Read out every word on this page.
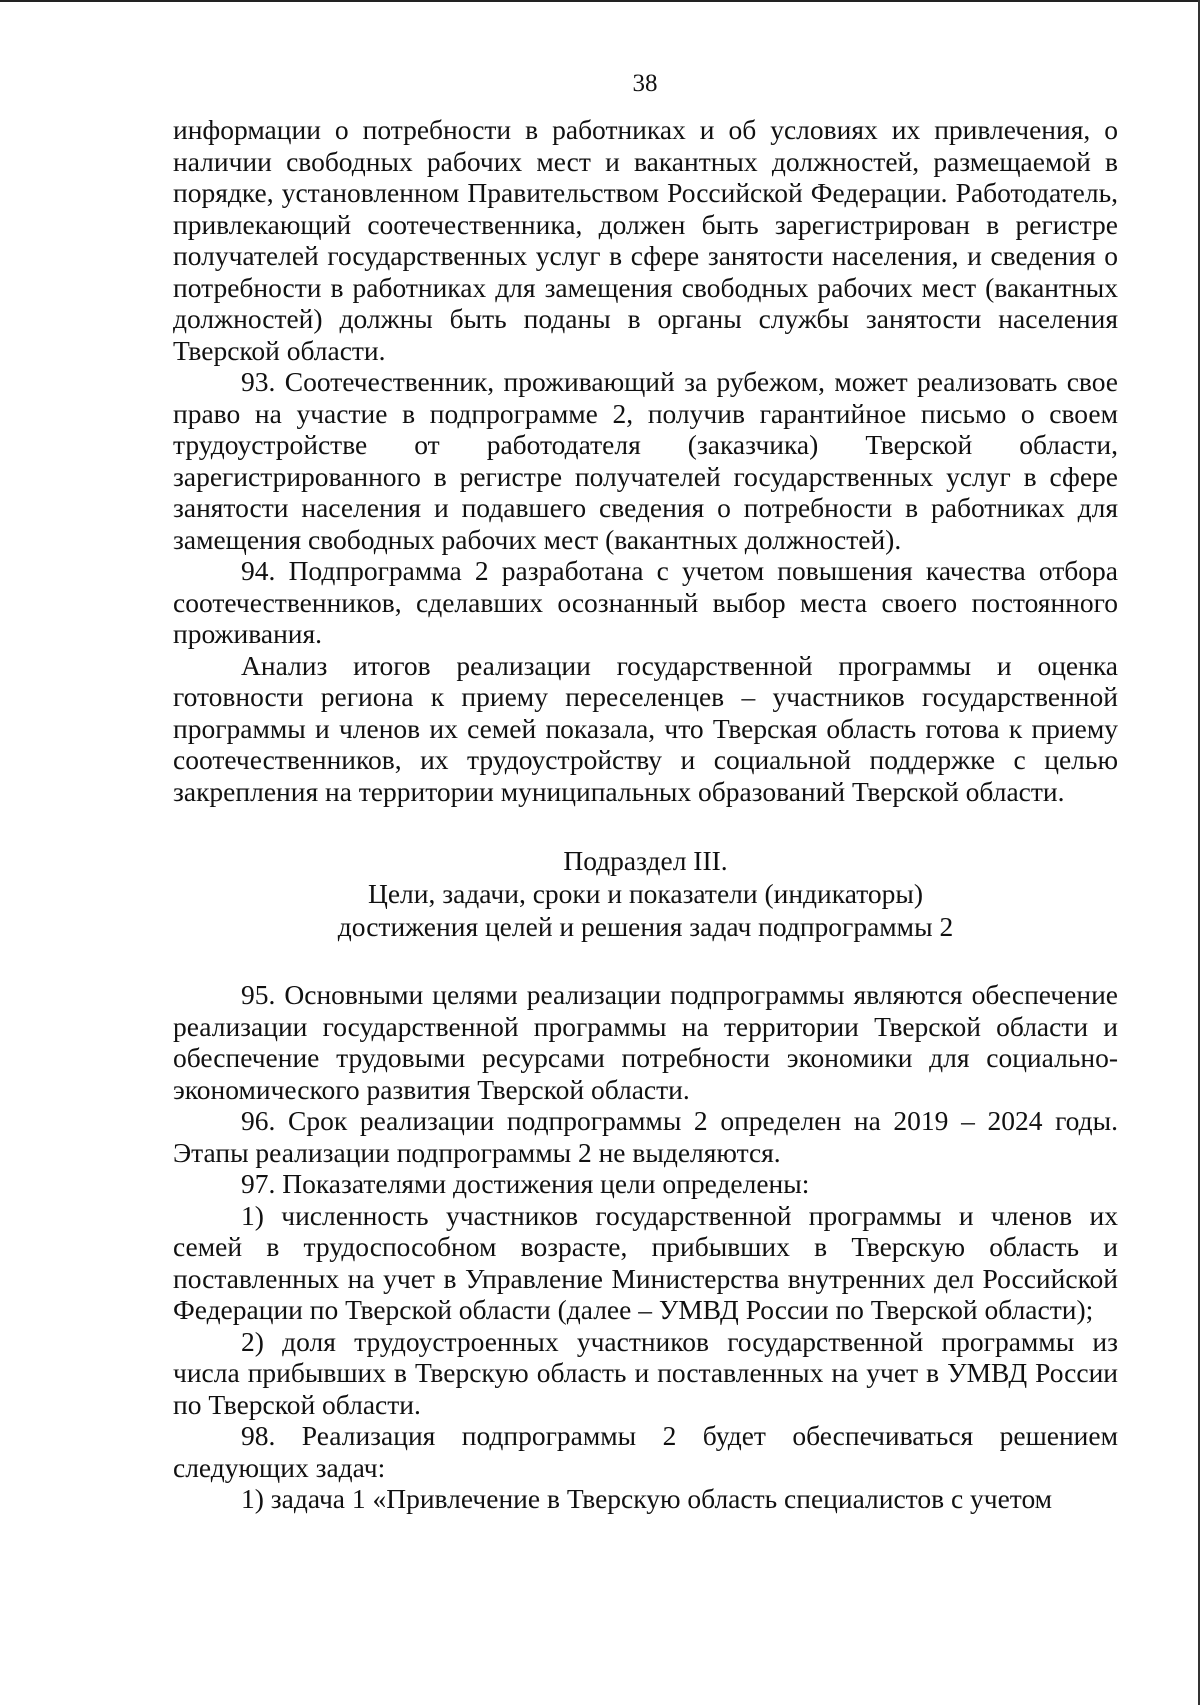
38

информации о потребности в работниках и об условиях их привлечения, о наличии свободных рабочих мест и вакантных должностей, размещаемой в порядке, установленном Правительством Российской Федерации. Работодатель, привлекающий соотечественника, должен быть зарегистрирован в регистре получателей государственных услуг в сфере занятости населения, и сведения о потребности в работниках для замещения свободных рабочих мест (вакантных должностей) должны быть поданы в органы службы занятости населения Тверской области.

93. Соотечественник, проживающий за рубежом, может реализовать свое право на участие в подпрограмме 2, получив гарантийное письмо о своем трудоустройстве от работодателя (заказчика) Тверской области, зарегистрированного в регистре получателей государственных услуг в сфере занятости населения и подавшего сведения о потребности в работниках для замещения свободных рабочих мест (вакантных должностей).

94. Подпрограмма 2 разработана с учетом повышения качества отбора соотечественников, сделавших осознанный выбор места своего постоянного проживания.

Анализ итогов реализации государственной программы и оценка готовности региона к приему переселенцев – участников государственной программы и членов их семей показала, что Тверская область готова к приему соотечественников, их трудоустройству и социальной поддержке с целью закрепления на территории муниципальных образований Тверской области.

Подраздел III.
Цели, задачи, сроки и показатели (индикаторы)
достижения целей и решения задач подпрограммы 2

95. Основными целями реализации подпрограммы являются обеспечение реализации государственной программы на территории Тверской области и обеспечение трудовыми ресурсами потребности экономики для социально-экономического развития Тверской области.

96. Срок реализации подпрограммы 2 определен на 2019 – 2024 годы. Этапы реализации подпрограммы 2 не выделяются.

97. Показателями достижения цели определены:

1) численность участников государственной программы и членов их семей в трудоспособном возрасте, прибывших в Тверскую область и поставленных на учет в Управление Министерства внутренних дел Российской Федерации по Тверской области (далее – УМВД России по Тверской области);

2) доля трудоустроенных участников государственной программы из числа прибывших в Тверскую область и поставленных на учет в УМВД России по Тверской области.

98. Реализация подпрограммы 2 будет обеспечиваться решением следующих задач:

1) задача 1 «Привлечение в Тверскую область специалистов с учетом
